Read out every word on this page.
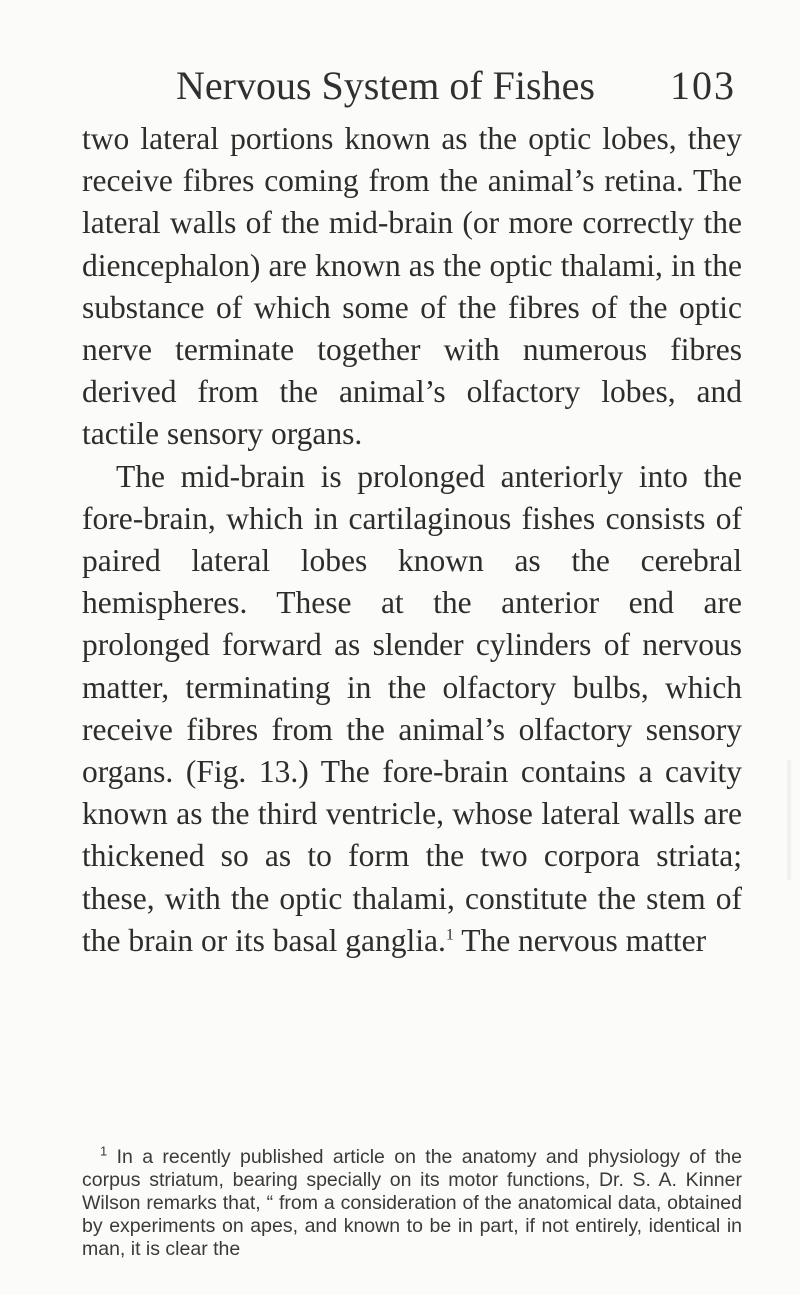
Nervous System of Fishes 103

two lateral portions known as the optic lobes, they receive fibres coming from the animal’s retina. The lateral walls of the mid-brain (or more correctly the diencephalon) are known as the optic thalami, in the substance of which some of the fibres of the optic nerve terminate together with numerous fibres derived from the animal’s olfactory lobes, and tactile sensory organs.

The mid-brain is prolonged anteriorly into the fore-brain, which in cartilaginous fishes consists of paired lateral lobes known as the cerebral hemispheres. These at the anterior end are prolonged forward as slender cylinders of nervous matter, terminating in the olfactory bulbs, which receive fibres from the animal’s olfactory sensory organs. (Fig. 13.) The fore-brain contains a cavity known as the third ventricle, whose lateral walls are thickened so as to form the two corpora striata; these, with the optic thalami, constitute the stem of the brain or its basal ganglia.$^1$ The nervous matter

$^1$ In a recently published article on the anatomy and physiology of the corpus striatum, bearing specially on its motor functions, Dr. S. A. Kinner Wilson remarks that, “ from a consideration of the anatomical data, obtained by experiments on apes, and known to be in part, if not entirely, identical in man, it is clear the
